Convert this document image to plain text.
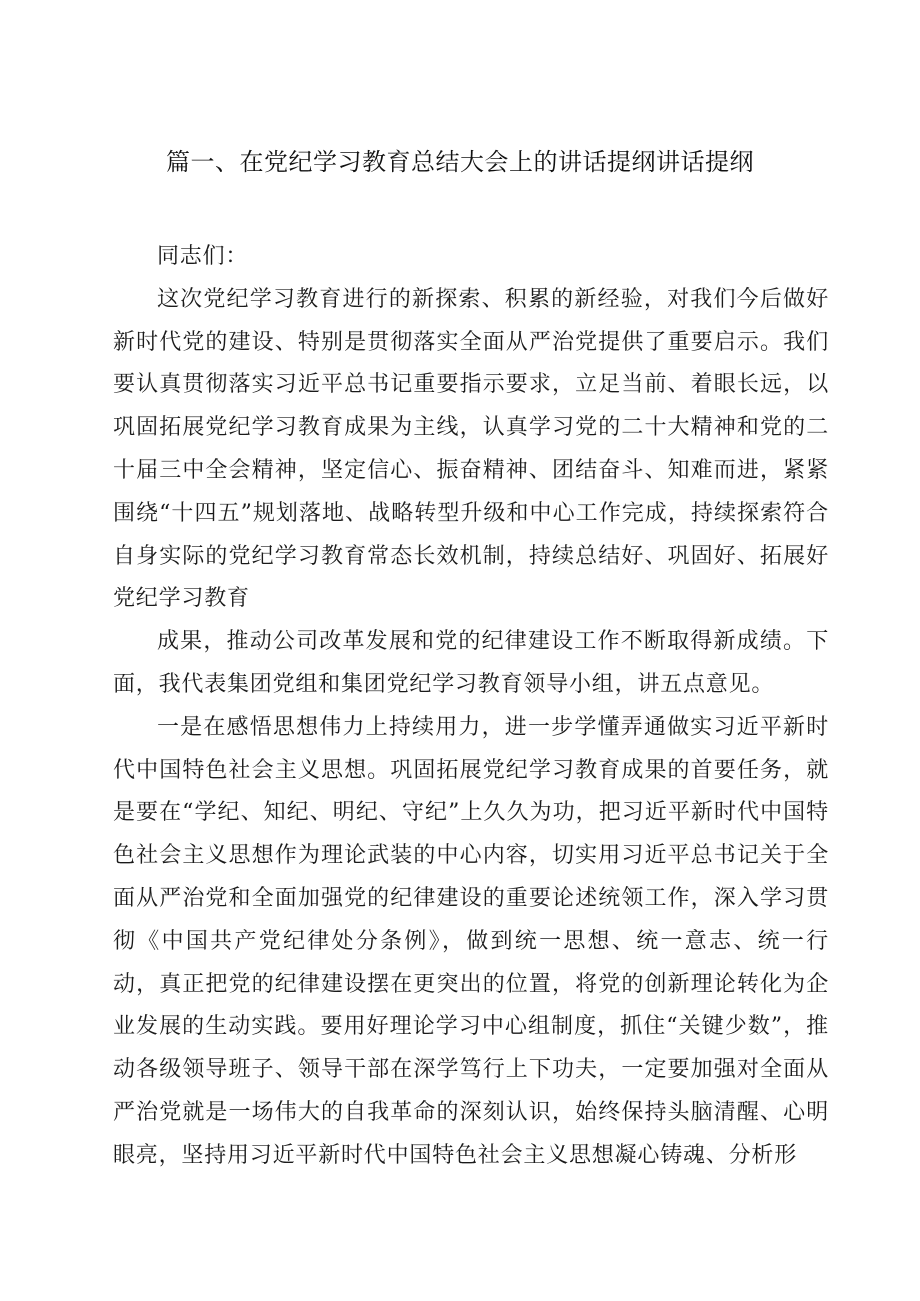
篇一、在党纪学习教育总结大会上的讲话提纲讲话提纲

同志们：

这次党纪学习教育进行的新探索、积累的新经验，对我们今后做好新时代党的建设、特别是贯彻落实全面从严治党提供了重要启示。我们要认真贯彻落实习近平总书记重要指示要求，立足当前、着眼长远，以巩固拓展党纪学习教育成果为主线，认真学习党的二十大精神和党的二十届三中全会精神，坚定信心、振奋精神、团结奋斗、知难而进，紧紧围绕“十四五”规划落地、战略转型升级和中心工作完成，持续探索符合自身实际的党纪学习教育常态长效机制，持续总结好、巩固好、拓展好党纪学习教育

成果，推动公司改革发展和党的纪律建设工作不断取得新成绩。下面，我代表集团党组和集团党纪学习教育领导小组，讲五点意见。

一是在感悟思想伟力上持续用力，进一步学懂弄通做实习近平新时代中国特色社会主义思想。巩固拓展党纪学习教育成果的首要任务，就是要在“学纪、知纪、明纪、守纪”上久久为功，把习近平新时代中国特色社会主义思想作为理论武装的中心内容，切实用习近平总书记关于全面从严治党和全面加强党的纪律建设的重要论述统领工作，深入学习贯彻《中国共产党纪律处分条例》，做到统一思想、统一意志、统一行动，真正把党的纪律建设摆在更突出的位置，将党的创新理论转化为企业发展的生动实践。要用好理论学习中心组制度，抓住“关键少数”，推动各级领导班子、领导干部在深学笃行上下功夫，一定要加强对全面从严治党就是一场伟大的自我革命的深刻认识，始终保持头脑清醒、心明眼亮，坚持用习近平新时代中国特色社会主义思想凝心铸魂、分析形
